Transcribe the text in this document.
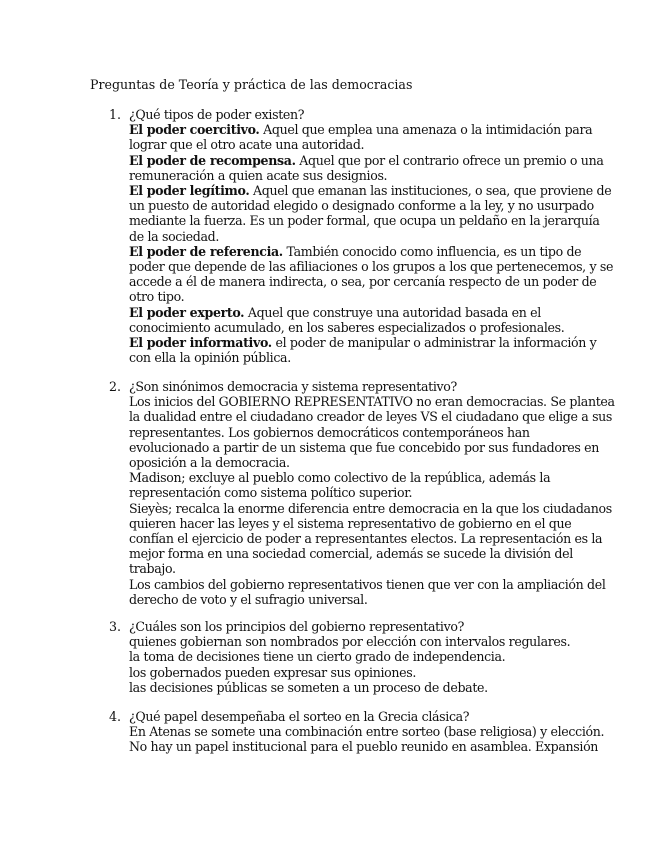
Preguntas de Teoría y práctica de las democracias
1. ¿Qué tipos de poder existen?
El poder coercitivo. Aquel que emplea una amenaza o la intimidación para
lograr que el otro acate una autoridad.
El poder de recompensa. Aquel que por el contrario ofrece un premio o una
remuneración a quien acate sus designios.
El poder legítimo. Aquel que emanan las instituciones, o sea, que proviene de
un puesto de autoridad elegido o designado conforme a la ley, y no usurpado
mediante la fuerza. Es un poder formal, que ocupa un peldaño en la jerarquía
de la sociedad.
El poder de referencia. También conocido como influencia, es un tipo de
poder que depende de las afiliaciones o los grupos a los que pertenecemos, y se
accede a él de manera indirecta, o sea, por cercanía respecto de un poder de
otro tipo.
El poder experto. Aquel que construye una autoridad basada en el
conocimiento acumulado, en los saberes especializados o profesionales.
El poder informativo. el poder de manipular o administrar la información y
con ella la opinión pública.
2. ¿Son sinónimos democracia y sistema representativo?
Los inicios del GOBIERNO REPRESENTATIVO no eran democracias. Se plantea
la dualidad entre el ciudadano creador de leyes VS el ciudadano que elige a sus
representantes. Los gobiernos democráticos contemporáneos han
evolucionado a partir de un sistema que fue concebido por sus fundadores en
oposición a la democracia.
Madison; excluye al pueblo como colectivo de la república, además la
representación como sistema político superior.
Sieyès; recalca la enorme diferencia entre democracia en la que los ciudadanos
quieren hacer las leyes y el sistema representativo de gobierno en el que
confían el ejercicio de poder a representantes electos. La representación es la
mejor forma en una sociedad comercial, además se sucede la división del
trabajo.
Los cambios del gobierno representativos tienen que ver con la ampliación del
derecho de voto y el sufragio universal.
3. ¿Cuáles son los principios del gobierno representativo?
quienes gobiernan son nombrados por elección con intervalos regulares.
la toma de decisiones tiene un cierto grado de independencia.
los gobernados pueden expresar sus opiniones.
las decisiones públicas se someten a un proceso de debate.
4. ¿Qué papel desempeñaba el sorteo en la Grecia clásica?
En Atenas se somete una combinación entre sorteo (base religiosa) y elección.
No hay un papel institucional para el pueblo reunido en asamblea. Expansión
